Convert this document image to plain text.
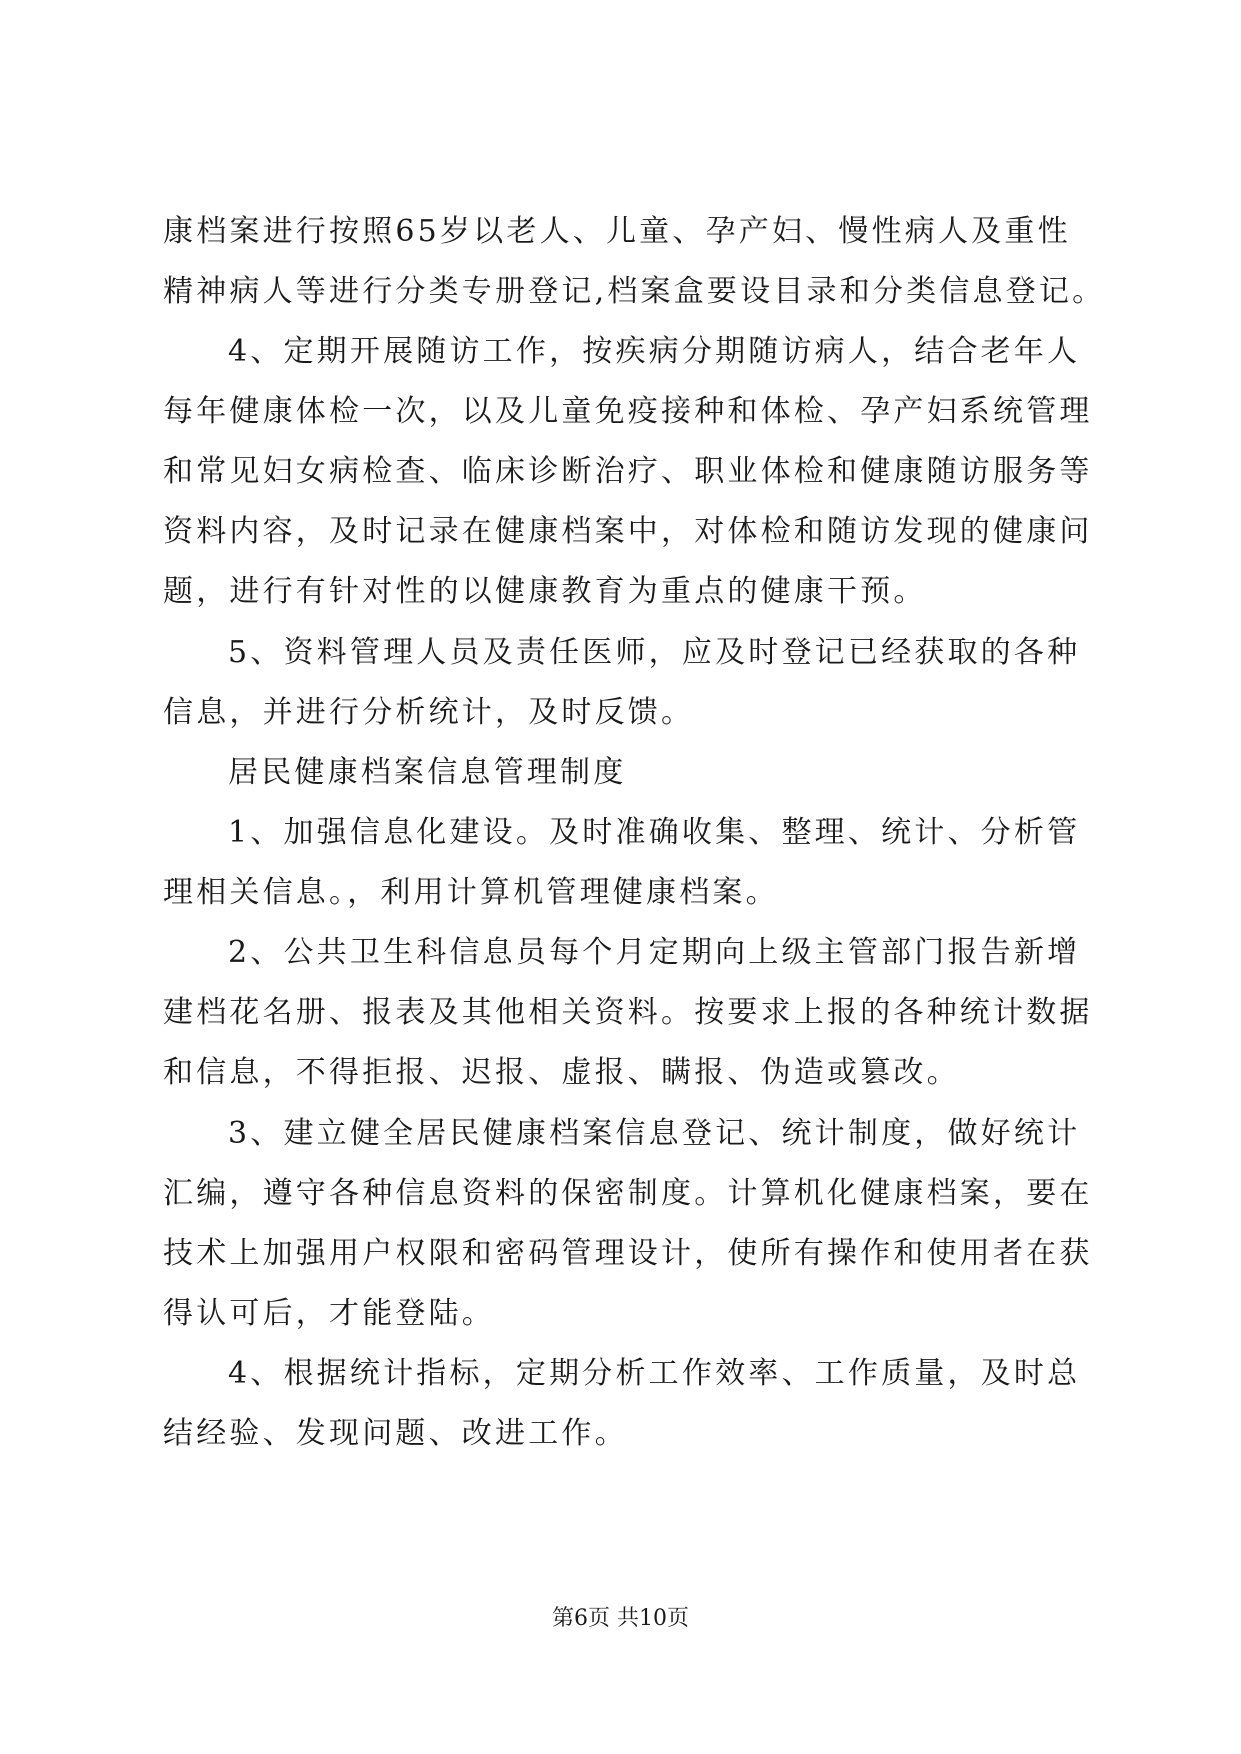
康档案进行按照65岁以老人、儿童、孕产妇、慢性病人及重性
精神病人等进行分类专册登记,档案盒要设目录和分类信息登记。
4、定期开展随访工作，按疾病分期随访病人，结合老年人
每年健康体检一次，以及儿童免疫接种和体检、孕产妇系统管理
和常见妇女病检查、临床诊断治疗、职业体检和健康随访服务等
资料内容，及时记录在健康档案中，对体检和随访发现的健康问
题，进行有针对性的以健康教育为重点的健康干预。
5、资料管理人员及责任医师，应及时登记已经获取的各种
信息，并进行分析统计，及时反馈。
居民健康档案信息管理制度
1、加强信息化建设。及时准确收集、整理、统计、分析管
理相关信息。，利用计算机管理健康档案。
2、公共卫生科信息员每个月定期向上级主管部门报告新增
建档花名册、报表及其他相关资料。按要求上报的各种统计数据
和信息，不得拒报、迟报、虚报、瞒报、伪造或篡改。
3、建立健全居民健康档案信息登记、统计制度，做好统计
汇编，遵守各种信息资料的保密制度。计算机化健康档案，要在
技术上加强用户权限和密码管理设计，使所有操作和使用者在获
得认可后，才能登陆。
4、根据统计指标，定期分析工作效率、工作质量，及时总
结经验、发现问题、改进工作。
第6页 共10页
